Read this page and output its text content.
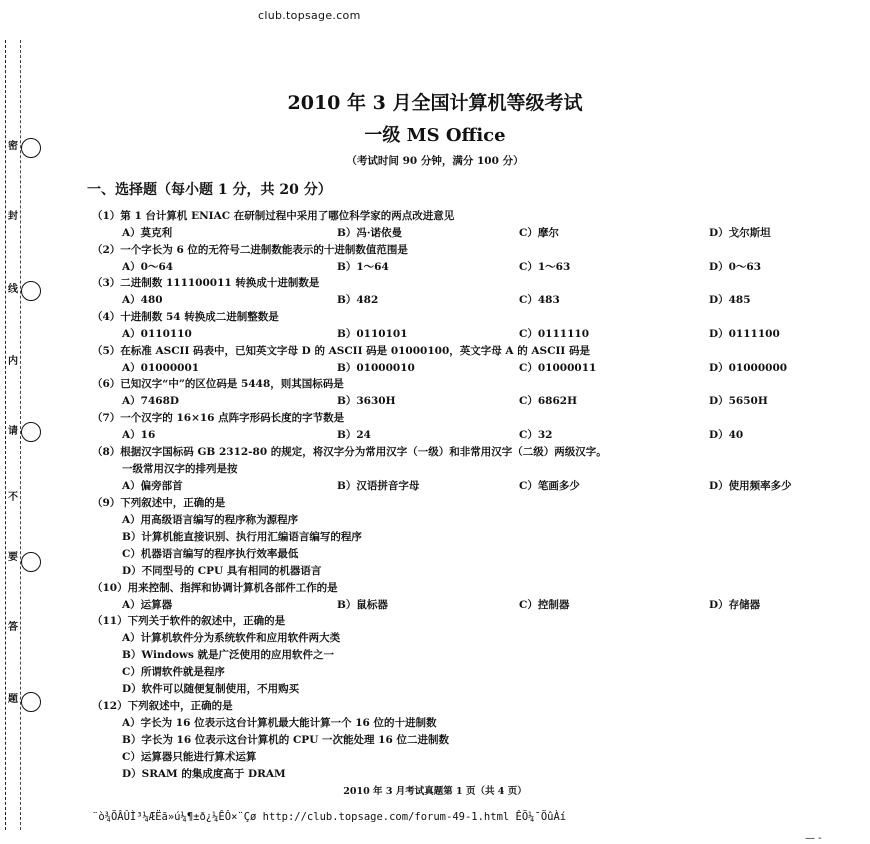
club.topsage.com
密
封
线
内
请
不
要
答
题
2010 年 3 月全国计算机等级考试
一级 MS Office
（考试时间 90 分钟，满分 100 分）
一、选择题（每小题 1 分，共 20 分）
（1）第 1 台计算机 ENIAC 在研制过程中采用了哪位科学家的两点改进意见
A）莫克利	B）冯·诺依曼	C）摩尔	D）戈尔斯坦
（2）一个字长为 6 位的无符号二进制数能表示的十进制数值范围是
A）0～64	B）1～64	C）1～63	D）0～63
（3）二进制数 111100011 转换成十进制数是
A）480	B）482	C）483	D）485
（4）十进制数 54 转换成二进制整数是
A）0110110	B）0110101	C）0111110	D）0111100
（5）在标准 ASCII 码表中，已知英文字母 D 的 ASCII 码是 01000100，英文字母 A 的 ASCII 码是
A）01000001	B）01000010	C）01000011	D）01000000
（6）已知汉字“中”的区位码是 5448，则其国标码是
A）7468D	B）3630H	C）6862H	D）5650H
（7）一个汉字的 16×16 点阵字形码长度的字节数是
A）16	B）24	C）32	D）40
（8）根据汉字国标码 GB 2312-80 的规定，将汉字分为常用汉字（一级）和非常用汉字（二级）两级汉字。
一级常用汉字的排列是按
A）偏旁部首	B）汉语拼音字母	C）笔画多少	D）使用频率多少
（9）下列叙述中，正确的是
A）用高级语言编写的程序称为源程序
B）计算机能直接识别、执行用汇编语言编写的程序
C）机器语言编写的程序执行效率最低
D）不同型号的 CPU 具有相同的机器语言
（10）用来控制、指挥和协调计算机各部件工作的是
A）运算器	B）鼠标器	C）控制器	D）存储器
（11）下列关于软件的叙述中，正确的是
A）计算机软件分为系统软件和应用软件两大类
B）Windows 就是广泛使用的应用软件之一
C）所谓软件就是程序
D）软件可以随便复制使用，不用购买
（12）下列叙述中，正确的是
A）字长为 16 位表示这台计算机最大能计算一个 16 位的十进制数
B）字长为 16 位表示这台计算机的 CPU 一次能处理 16 位二进制数
C）运算器只能进行算术运算
D）SRAM 的集成度高于 DRAM
2010 年 3 月考试真题第 1 页（共 4 页）
¨ò¾ÕÂÛÌ³¼ÆËã»ú¼¶±ð¿¼ÊÔ×¨Çø http://club.topsage.com/forum-49-1.html ÊÕ¼¯ÕûÀí
— -
